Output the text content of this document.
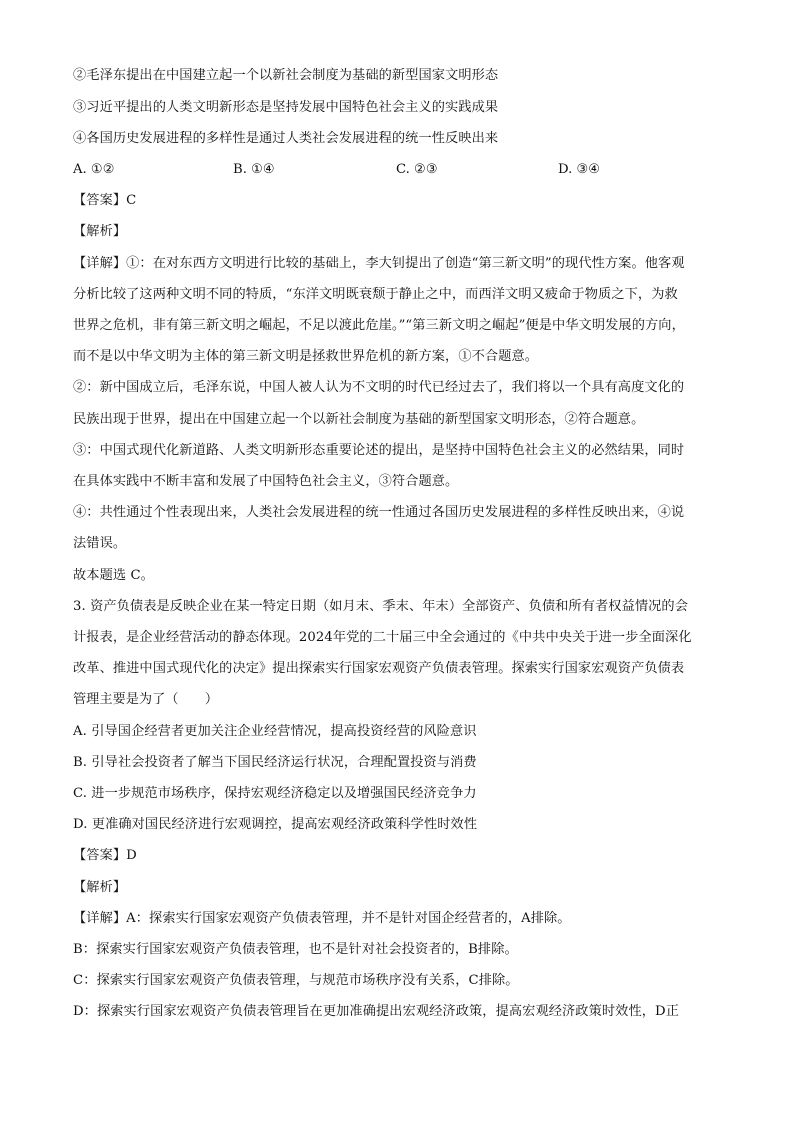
②毛泽东提出在中国建立起一个以新社会制度为基础的新型国家文明形态
③习近平提出的人类文明新形态是坚持发展中国特色社会主义的实践成果
④各国历史发展进程的多样性是通过人类社会发展进程的统一性反映出来
A. ①②	B. ①④	C. ②③	D. ③④
【答案】C
【解析】
【详解】①：在对东西方文明进行比较的基础上，李大钊提出了创造“第三新文明”的现代性方案。他客观
分析比较了这两种文明不同的特质，“东洋文明既衰颓于静止之中，而西洋文明又疲命于物质之下，为救
世界之危机，非有第三新文明之崛起，不足以渡此危崖。”“第三新文明之崛起”便是中华文明发展的方向，
而不是以中华文明为主体的第三新文明是拯救世界危机的新方案，①不合题意。
②：新中国成立后，毛泽东说，中国人被人认为不文明的时代已经过去了，我们将以一个具有高度文化的
民族出现于世界，提出在中国建立起一个以新社会制度为基础的新型国家文明形态，②符合题意。
③：中国式现代化新道路、人类文明新形态重要论述的提出，是坚持中国特色社会主义的必然结果，同时
在具体实践中不断丰富和发展了中国特色社会主义，③符合题意。
④：共性通过个性表现出来，人类社会发展进程的统一性通过各国历史发展进程的多样性反映出来，④说
法错误。
故本题选 C。
3. 资产负债表是反映企业在某一特定日期（如月末、季末、年末）全部资产、负债和所有者权益情况的会
计报表，是企业经营活动的静态体现。2024年党的二十届三中全会通过的《中共中央关于进一步全面深化
改革、推进中国式现代化的决定》提出探索实行国家宏观资产负债表管理。探索实行国家宏观资产负债表
管理主要是为了（　　）
A. 引导国企经营者更加关注企业经营情况，提高投资经营的风险意识
B. 引导社会投资者了解当下国民经济运行状况，合理配置投资与消费
C. 进一步规范市场秩序，保持宏观经济稳定以及增强国民经济竞争力
D. 更准确对国民经济进行宏观调控，提高宏观经济政策科学性时效性
【答案】D
【解析】
【详解】A：探索实行国家宏观资产负债表管理，并不是针对国企经营者的，A排除。
B：探索实行国家宏观资产负债表管理，也不是针对社会投资者的，B排除。
C：探索实行国家宏观资产负债表管理，与规范市场秩序没有关系，C排除。
D：探索实行国家宏观资产负债表管理旨在更加准确提出宏观经济政策，提高宏观经济政策时效性，D正
